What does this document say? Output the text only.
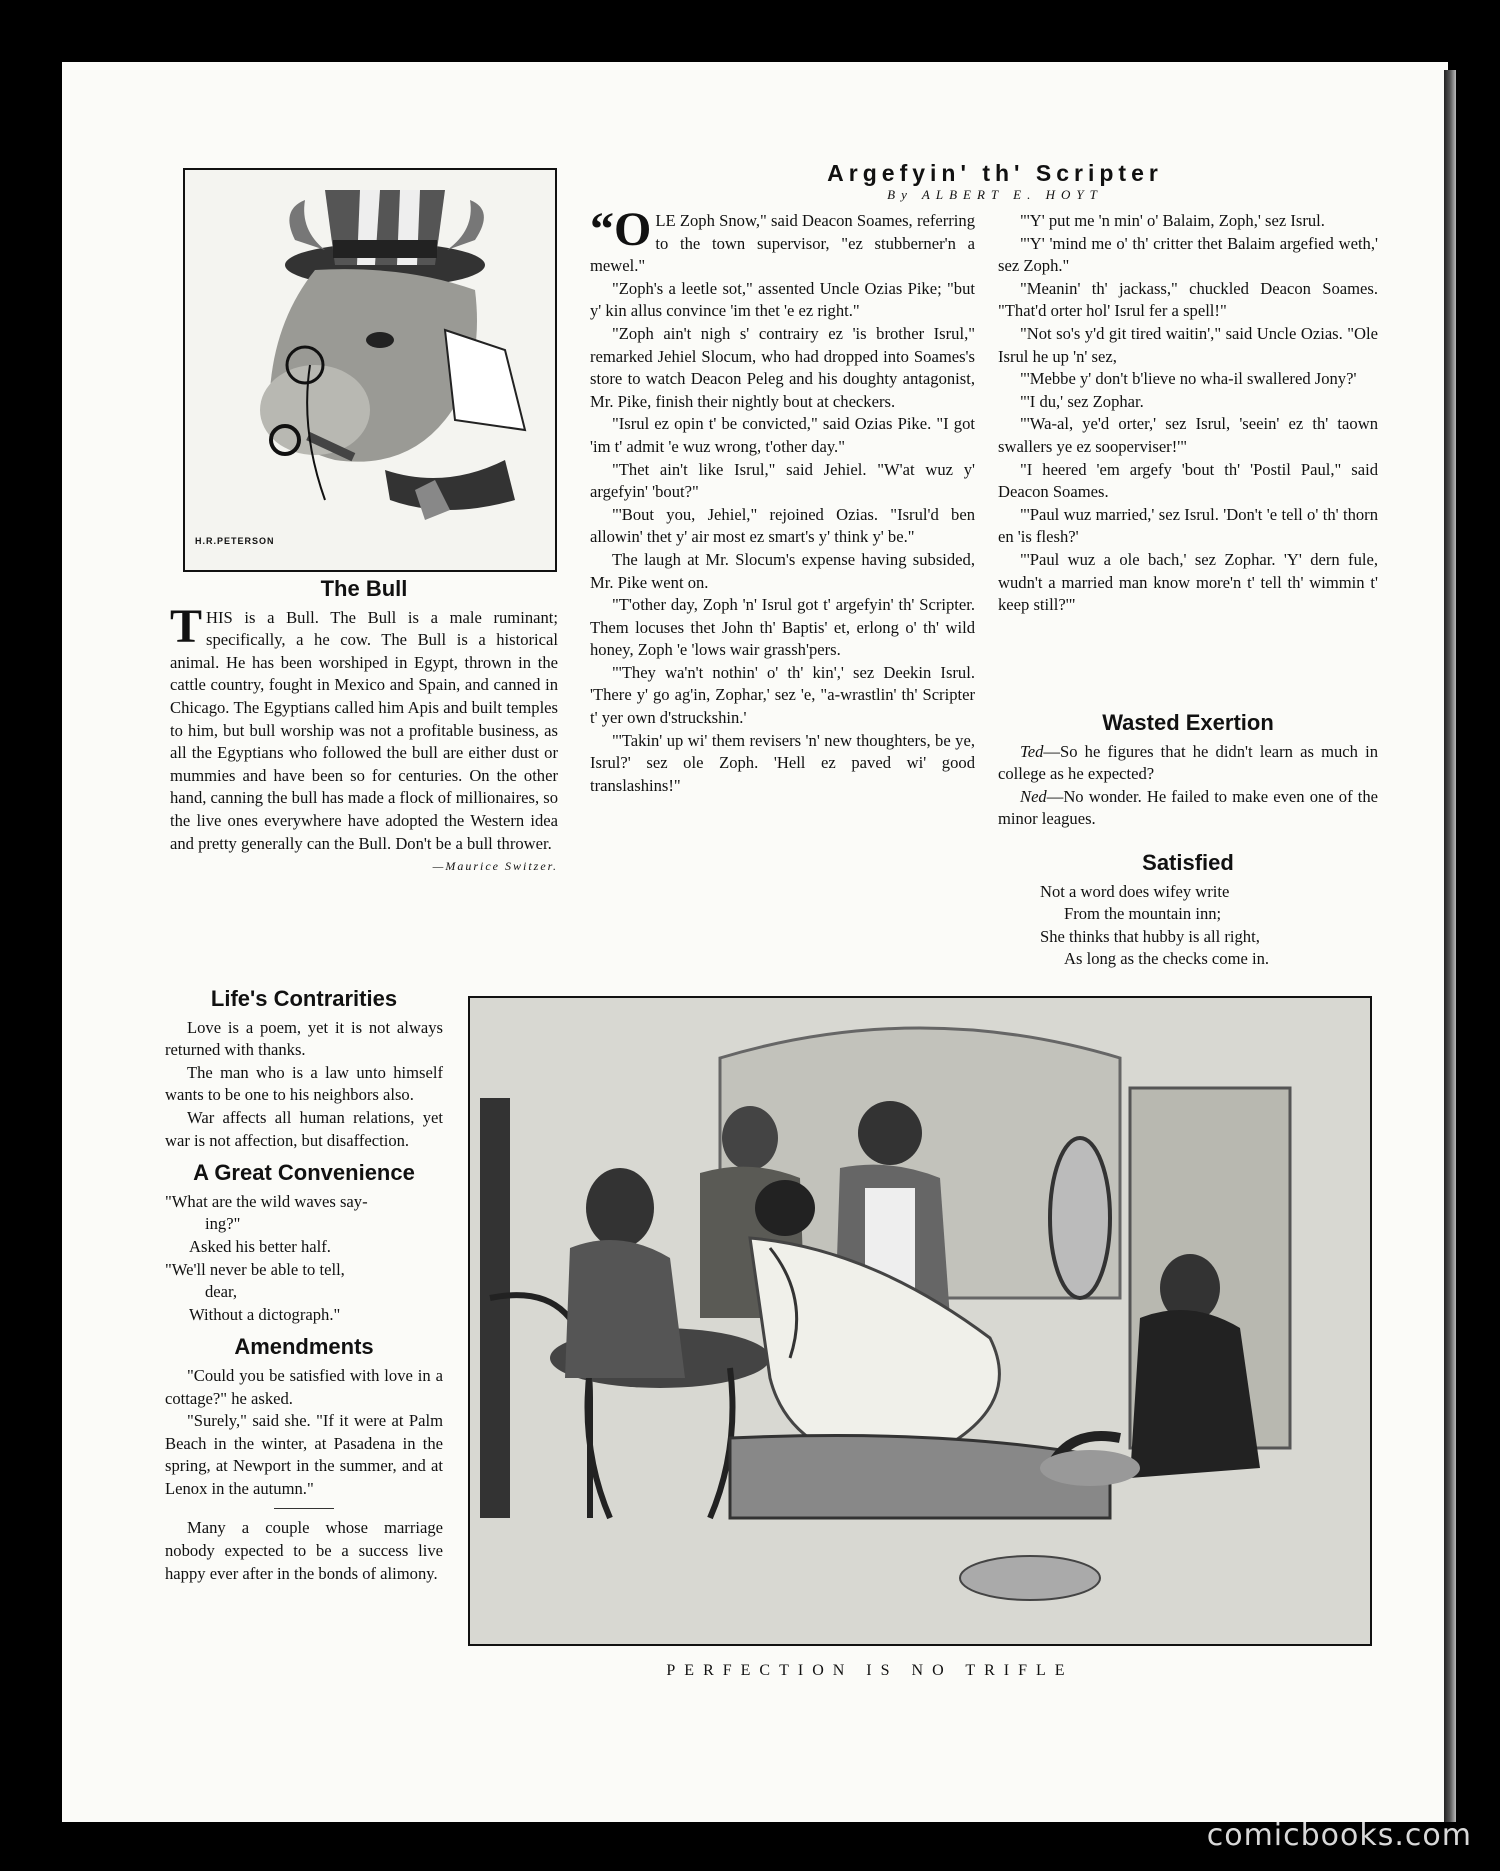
H.R.PETERSON
The Bull

THIS is a Bull. The Bull is a male ruminant; specifically, a he cow. The Bull is a historical animal. He has been worshiped in Egypt, thrown in the cattle country, fought in Mexico and Spain, and canned in Chicago. The Egyptians called him Apis and built temples to him, but bull worship was not a profitable business, as all the Egyptians who followed the bull are either dust or mummies and have been so for centuries. On the other hand, canning the bull has made a flock of millionaires, so the live ones everywhere have adopted the Western idea and pretty generally can the Bull. Don't be a bull thrower.

—Maurice Switzer.
Argefyin' th' Scripter
By ALBERT E. HOYT

“OLE Zoph Snow," said Deacon Soames, referring to the town supervisor, "ez stubberner'n a mewel."

"Zoph's a leetle sot," assented Uncle Ozias Pike; "but y' kin allus convince 'im thet 'e ez right."

"Zoph ain't nigh s' contrairy ez 'is brother Isrul," remarked Jehiel Slocum, who had dropped into Soames's store to watch Deacon Peleg and his doughty antagonist, Mr. Pike, finish their nightly bout at checkers.

"Isrul ez opin t' be convicted," said Ozias Pike. "I got 'im t' admit 'e wuz wrong, t'other day."

"Thet ain't like Isrul," said Jehiel. "W'at wuz y' argefyin' 'bout?"

"'Bout you, Jehiel," rejoined Ozias. "Isrul'd ben allowin' thet y' air most ez smart's y' think y' be."

The laugh at Mr. Slocum's expense having subsided, Mr. Pike went on.

"T'other day, Zoph 'n' Isrul got t' argefyin' th' Scripter. Them locuses thet John th' Baptis' et, erlong o' th' wild honey, Zoph 'e 'lows wair grassh'pers.

"'They wa'n't nothin' o' th' kin',' sez Deekin Isrul. 'There y' go ag'in, Zophar,' sez 'e, "a-wrastlin' th' Scripter t' yer own d'struckshin.'

"'Takin' up wi' them revisers 'n' new thoughters, be ye, Isrul?' sez ole Zoph. 'Hell ez paved wi' good translashins!"

"'Y' put me 'n min' o' Balaim, Zoph,' sez Isrul.

"'Y' 'mind me o' th' critter thet Balaim argefied weth,' sez Zoph."

"Meanin' th' jackass," chuckled Deacon Soames. "That'd orter hol' Isrul fer a spell!"

"Not so's y'd git tired waitin'," said Uncle Ozias. "Ole Isrul he up 'n' sez,

"'Mebbe y' don't b'lieve no wha-il swallered Jony?'

"'I du,' sez Zophar.

"'Wa-al, ye'd orter,' sez Isrul, 'seein' ez th' taown swallers ye ez sooperviser!'"

"I heered 'em argefy 'bout th' 'Postil Paul," said Deacon Soames.

"'Paul wuz married,' sez Isrul. 'Don't 'e tell o' th' thorn en 'is flesh?'

"'Paul wuz a ole bach,' sez Zophar. 'Y' dern fule, wudn't a married man know more'n t' tell th' wimmin t' keep still?'"

Wasted Exertion

Ted—So he figures that he didn't learn as much in college as he expected?

Ned—No wonder. He failed to make even one of the minor leagues.

Satisfied
Not a word does wifey write
From the mountain inn;
She thinks that hubby is all right,
As long as the checks come in.
Life's Contrarities

Love is a poem, yet it is not always returned with thanks.

The man who is a law unto himself wants to be one to his neighbors also.

War affects all human relations, yet war is not affection, but disaffection.

A Great Convenience
"What are the wild waves say-
ing?"
Asked his better half.
"We'll never be able to tell,
dear,
Without a dictograph."
Amendments

"Could you be satisfied with love in a cottage?" he asked.

"Surely," said she. "If it were at Palm Beach in the winter, at Pasadena in the spring, at Newport in the summer, and at Lenox in the autumn."

Many a couple whose marriage nobody expected to be a success live happy ever after in the bonds of alimony.

PERFECTION IS NO TRIFLE
comicbooks.com
